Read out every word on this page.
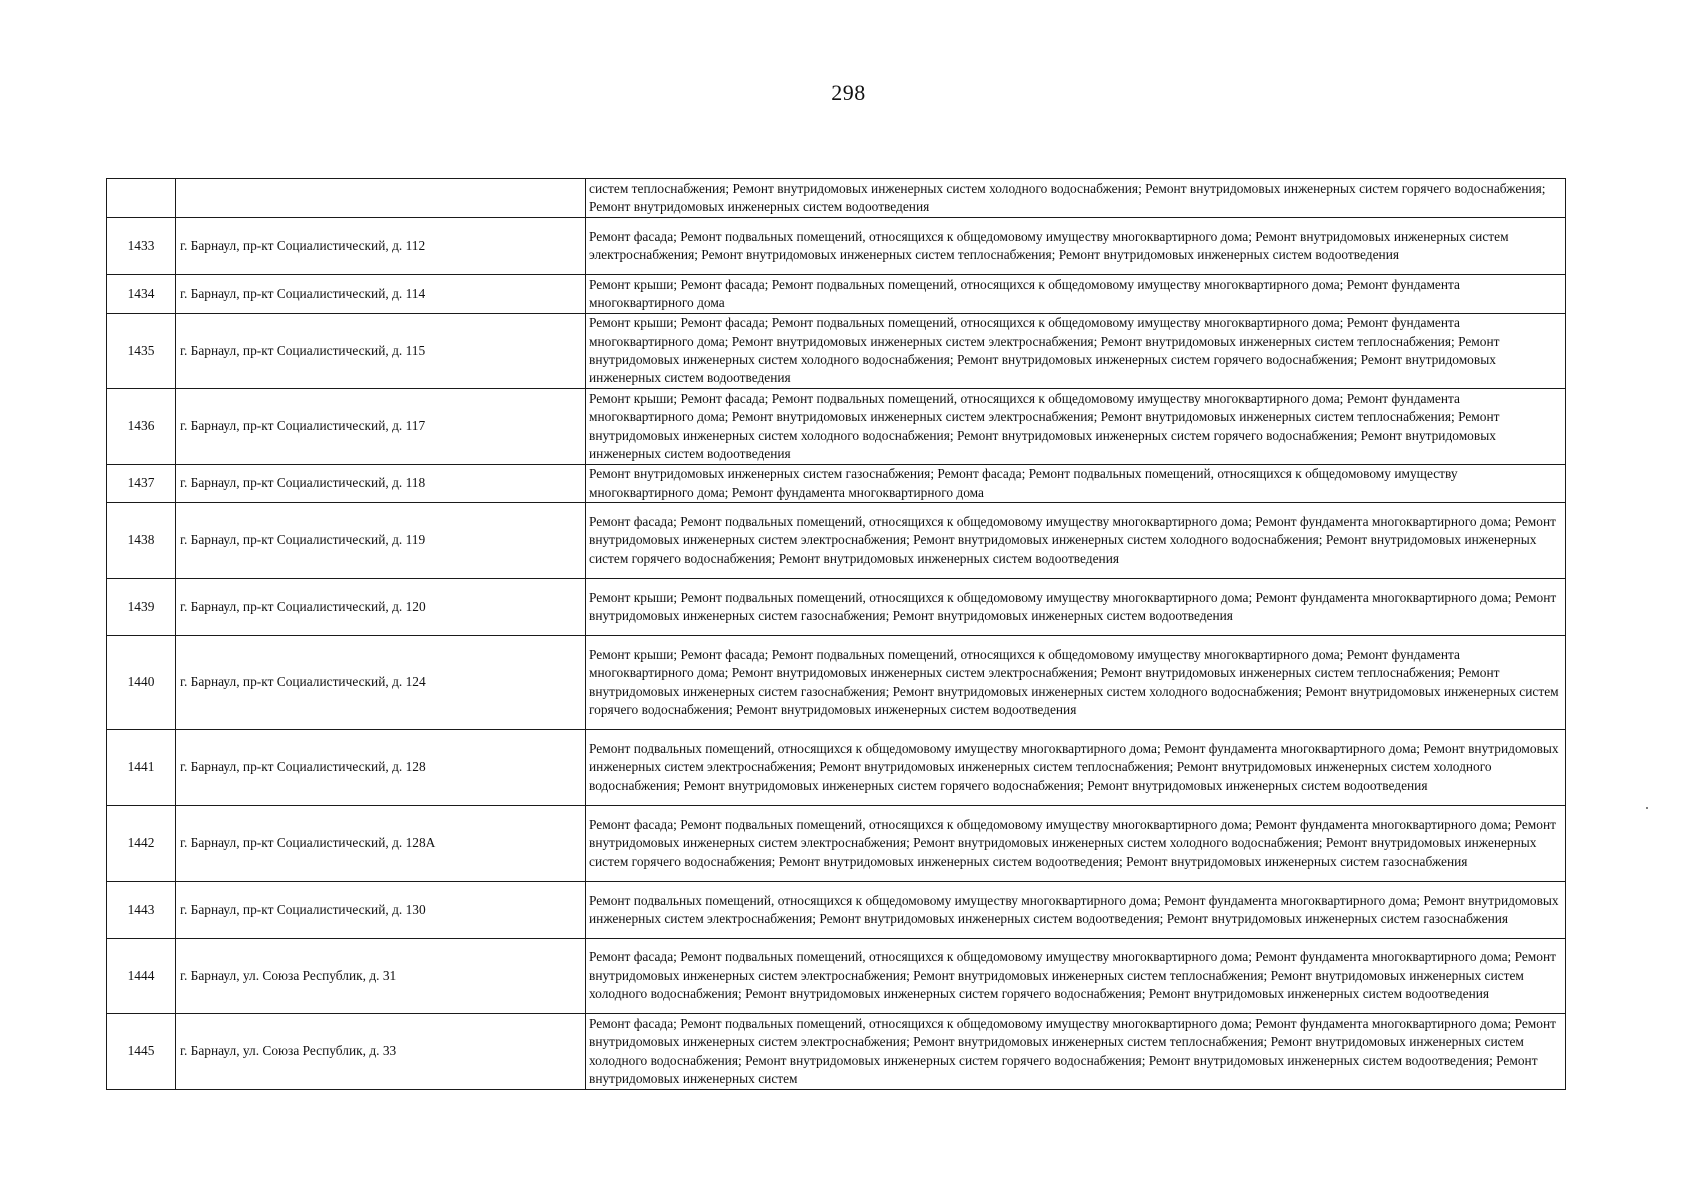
298
		систем теплоснабжения; Ремонт внутридомовых инженерных систем холодного водоснабжения; Ремонт внутридомовых инженерных систем горячего водоснабжения; Ремонт внутридомовых инженерных систем водоотведения
1433	г. Барнаул, пр-кт Социалистический, д. 112	Ремонт фасада; Ремонт подвальных помещений, относящихся к общедомовому имуществу многоквартирного дома; Ремонт внутридомовых инженерных систем электроснабжения; Ремонт внутридомовых инженерных систем теплоснабжения; Ремонт внутридомовых инженерных систем водоотведения
1434	г. Барнаул, пр-кт Социалистический, д. 114	Ремонт крыши; Ремонт фасада; Ремонт подвальных помещений, относящихся к общедомовому имуществу многоквартирного дома; Ремонт фундамента многоквартирного дома
1435	г. Барнаул, пр-кт Социалистический, д. 115	Ремонт крыши; Ремонт фасада; Ремонт подвальных помещений, относящихся к общедомовому имуществу многоквартирного дома; Ремонт фундамента многоквартирного дома; Ремонт внутридомовых инженерных систем электроснабжения; Ремонт внутридомовых инженерных систем теплоснабжения; Ремонт внутридомовых инженерных систем холодного водоснабжения; Ремонт внутридомовых инженерных систем горячего водоснабжения; Ремонт внутридомовых инженерных систем водоотведения
1436	г. Барнаул, пр-кт Социалистический, д. 117	Ремонт крыши; Ремонт фасада; Ремонт подвальных помещений, относящихся к общедомовому имуществу многоквартирного дома; Ремонт фундамента многоквартирного дома; Ремонт внутридомовых инженерных систем электроснабжения; Ремонт внутридомовых инженерных систем теплоснабжения; Ремонт внутридомовых инженерных систем холодного водоснабжения; Ремонт внутридомовых инженерных систем горячего водоснабжения; Ремонт внутридомовых инженерных систем водоотведения
1437	г. Барнаул, пр-кт Социалистический, д. 118	Ремонт внутридомовых инженерных систем газоснабжения; Ремонт фасада; Ремонт подвальных помещений, относящихся к общедомовому имуществу многоквартирного дома; Ремонт фундамента многоквартирного дома
1438	г. Барнаул, пр-кт Социалистический, д. 119	Ремонт фасада; Ремонт подвальных помещений, относящихся к общедомовому имуществу многоквартирного дома; Ремонт фундамента многоквартирного дома; Ремонт внутридомовых инженерных систем электроснабжения; Ремонт внутридомовых инженерных систем холодного водоснабжения; Ремонт внутридомовых инженерных систем горячего водоснабжения; Ремонт внутридомовых инженерных систем водоотведения
1439	г. Барнаул, пр-кт Социалистический, д. 120	Ремонт крыши; Ремонт подвальных помещений, относящихся к общедомовому имуществу многоквартирного дома; Ремонт фундамента многоквартирного дома; Ремонт внутридомовых инженерных систем газоснабжения; Ремонт внутридомовых инженерных систем водоотведения
1440	г. Барнаул, пр-кт Социалистический, д. 124	Ремонт крыши; Ремонт фасада; Ремонт подвальных помещений, относящихся к общедомовому имуществу многоквартирного дома; Ремонт фундамента многоквартирного дома; Ремонт внутридомовых инженерных систем электроснабжения; Ремонт внутридомовых инженерных систем теплоснабжения; Ремонт внутридомовых инженерных систем газоснабжения; Ремонт внутридомовых инженерных систем холодного водоснабжения; Ремонт внутридомовых инженерных систем горячего водоснабжения; Ремонт внутридомовых инженерных систем водоотведения
1441	г. Барнаул, пр-кт Социалистический, д. 128	Ремонт подвальных помещений, относящихся к общедомовому имуществу многоквартирного дома; Ремонт фундамента многоквартирного дома; Ремонт внутридомовых инженерных систем электроснабжения; Ремонт внутридомовых инженерных систем теплоснабжения; Ремонт внутридомовых инженерных систем холодного водоснабжения; Ремонт внутридомовых инженерных систем горячего водоснабжения; Ремонт внутридомовых инженерных систем водоотведения
1442	г. Барнаул, пр-кт Социалистический, д. 128А	Ремонт фасада; Ремонт подвальных помещений, относящихся к общедомовому имуществу многоквартирного дома; Ремонт фундамента многоквартирного дома; Ремонт внутридомовых инженерных систем электроснабжения; Ремонт внутридомовых инженерных систем холодного водоснабжения; Ремонт внутридомовых инженерных систем горячего водоснабжения; Ремонт внутридомовых инженерных систем водоотведения; Ремонт внутридомовых инженерных систем газоснабжения
1443	г. Барнаул, пр-кт Социалистический, д. 130	Ремонт подвальных помещений, относящихся к общедомовому имуществу многоквартирного дома; Ремонт фундамента многоквартирного дома; Ремонт внутридомовых инженерных систем электроснабжения; Ремонт внутридомовых инженерных систем водоотведения; Ремонт внутридомовых инженерных систем газоснабжения
1444	г. Барнаул, ул. Союза Республик, д. 31	Ремонт фасада; Ремонт подвальных помещений, относящихся к общедомовому имуществу многоквартирного дома; Ремонт фундамента многоквартирного дома; Ремонт внутридомовых инженерных систем электроснабжения; Ремонт внутридомовых инженерных систем теплоснабжения; Ремонт внутридомовых инженерных систем холодного водоснабжения; Ремонт внутридомовых инженерных систем горячего водоснабжения; Ремонт внутридомовых инженерных систем водоотведения
1445	г. Барнаул, ул. Союза Республик, д. 33	Ремонт фасада; Ремонт подвальных помещений, относящихся к общедомовому имуществу многоквартирного дома; Ремонт фундамента многоквартирного дома; Ремонт внутридомовых инженерных систем электроснабжения; Ремонт внутридомовых инженерных систем теплоснабжения; Ремонт внутридомовых инженерных систем холодного водоснабжения; Ремонт внутридомовых инженерных систем горячего водоснабжения; Ремонт внутридомовых инженерных систем водоотведения; Ремонт внутридомовых инженерных систем
